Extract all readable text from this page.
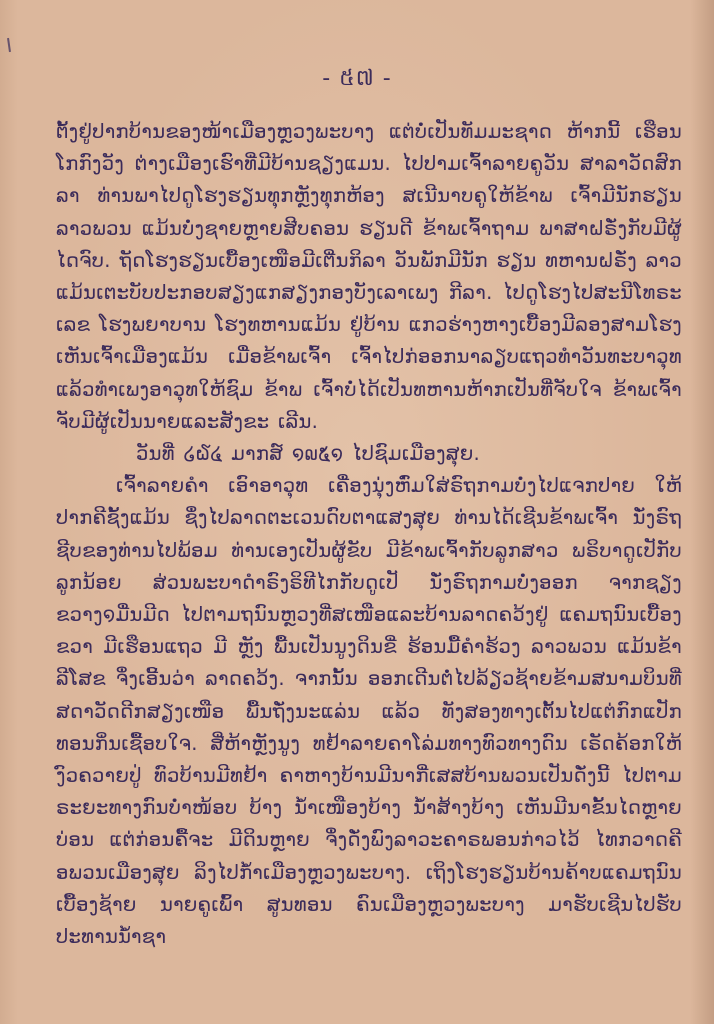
- ៥៧ -

ຕັ້ງຢູ່ປາກບ້ານຂອງໜ້າເມືອງຫຼວງພະບາງ ແຕ່ບໍ່ເປັນທັມມະຊາດ ຫ້າກນີ້ ເຮືອນໂກກົງວັງ ຕ່າງເມືອງເຮົາທີ່ມີບ້ານຊຽງແມນ. ໄປປາມເຈົ້າລາຍຄູວັນ ສາລາວັດສົກລາ ທ່ານພາໄປດູໂຮງຮຽນທຸກຫຼັງທຸກຫ້ອງ ສເນີນາບຄູໃຫ້ຂ້າພ ເຈົ້າມີນັກຮຽນລາວພວນ ແມ້ນບໍ່ງຊາຍຫຼາຍສີບຄອນ ຮຽນດີ ຂ້າພເຈົ້າຖາມ ພາສາຝຣັ່ງກັບມີຜູ້ໄດຈົບ. ຖັດໂຮງຮຽນເບື້ອງເໜືອມີເຕີ່ນກິລາ ວັນພັກມີນັກ ຮຽນ ທຫານຝຣັ່ງ ລາວ ແມ້ນເຕະບັບປະກອບສຽງແກສຽງກອງບັງເລາເພງ ກີລາ. ໄປດູໂຮງໄປສະນີໂທຣະເລຂ ໂຮງພຍາບານ ໂຮງທຫານແມ້ນ ຢູ່ບ້ານ ແກວຮ່າງຫາງເບື້ອງມີລອງສາມໂຮງ ເຫັນເຈົ້າເມືອງແມ້ນ ເມື່ອຂ້າພເຈົ້າ ເຈົ້າໄປກ່ອອກນາລຽບແຖວທຳວັນທະບາວຸທແລ້ວທຳເພງອາວຸທໃຫ້ຊົມ ຂ້າພ ເຈົ້າບໍ່ໄດ້ເປັນທຫານຫ້າກເປັນທີ່ຈັບໃຈ ຂ້າພເຈົ້າຈັບມີຜູ້ເປັນນາຍແລະສັງຂະ ເລີນ.

ວັນທີ່ ໒໖໔ ມາກສ໌ ໑໙໕໑ ໄປຊົມເມືອງສຸຍ.

ເຈົ້າລາຍຄຳ ເອົາອາວຸທ ເຄື່ອງນຸ່ງຫົ່ມໃສ່ຣົຖກາມບໍ່ງໄປແຈກປາຍ ໃຫ້ປາກຄີຊັ້ງແມ້ນ ຊຶ່ງໄປລາດຕະເວນດົບຕາແສງສຸຍ ທ່ານໄດ້ເຊີນຂ້າພເຈົ້າ ນັ່ງຣົຖຊີບຂອງທ່ານໄປພ້ອມ ທ່ານເອງເປັນຜູ້ຂັບ ມີຂ້າພເຈົ້າກັບລູກສາວ ພຣິບາດູເປັກັບລູກນ້ອຍ ສ່ວນພະບາດຳຣົງຣິທີໄກກັບດູເປັ ນັ່ງຣົຖກາມບໍ່ງອອກ ຈາກຊຽງຂວາງ໑ມື່ນມີດ ໄປຕາມຖນົນຫຼວງທີ່ສເໜືອແລະບ້ານລາດຄວ້ງຢູ່ ແຄມຖນົນເບື້ອງຂວາ ມີເຮືອນແຖວ ມີ ຫຼັງ ພື້ນເປັນນູງດິນຂີ່ ຮ້ອນມື້ຄຳຮ້ວງ ລາວພວນ ແມ້ນຂ້າລີໂສຂ ຈຶ່ງເອີ້ນວ່າ ລາດຄວ້ງ. ຈາກນັ້ນ ອອກເດີນຕໍ່ໄປລ້ຽວຊ້າຍຂ້າມສນາມບິນທີ່ສດາວັດດີກສຽງເໜືອ ພື້ນຖັ່ງນະແລ່ນ ແລ້ວ ທັງສອງທາງເຕັ້ນໄປແຕ່ກົກແປັກທອນກິ່ນເຊື້ອບໃຈ. ສີ່ຫ້າຫຼັງນູງ ທຢ້າລາຍຄາໂລ່ມທາງທົວທາງດົນ ເຣັດຄ້ອກໃຫ້ງົວຄວາຍປູ່ ທົວບ້ານມີທຢ້າ ຄາຫາງບ້ານມີນາກີ່ເສສບ້ານພວນເປັນດັ່ງນີ້ ໄປຕາມຣະຍະທາງກົນບໍ່າໜ້ອບ ບ້າງ ນ້ຳເໜືອງບ້າງ ນ້ຳສ້າງບ້າງ ເຫັນມີນາຂັ້ນໄດຫຼາຍບ່ອນ ແຕ່ກ່ອນຄື້ຈະ ມີດິນຫຼາຍ ຈຶ່ງດັ່ງພົງລາວະຄາຣພອນກ່າວໄວ້ ໄທກວາດຄີອພວນເມືອງສຸຍ ລິງໄປກ້ຳເມືອງຫຼວງພະບາງ. ເຖິງໂຮງຮຽນບ້ານຄ້າບແຄມຖນົນເບື້ອງຊ້າຍ ນາຍຄູເພົ້າ ສູນທອນ ຄົນເມືອງຫຼວງພະບາງ ມາຮັບເຊີນໄປຮັບປະທານນ້ຳຊາ
